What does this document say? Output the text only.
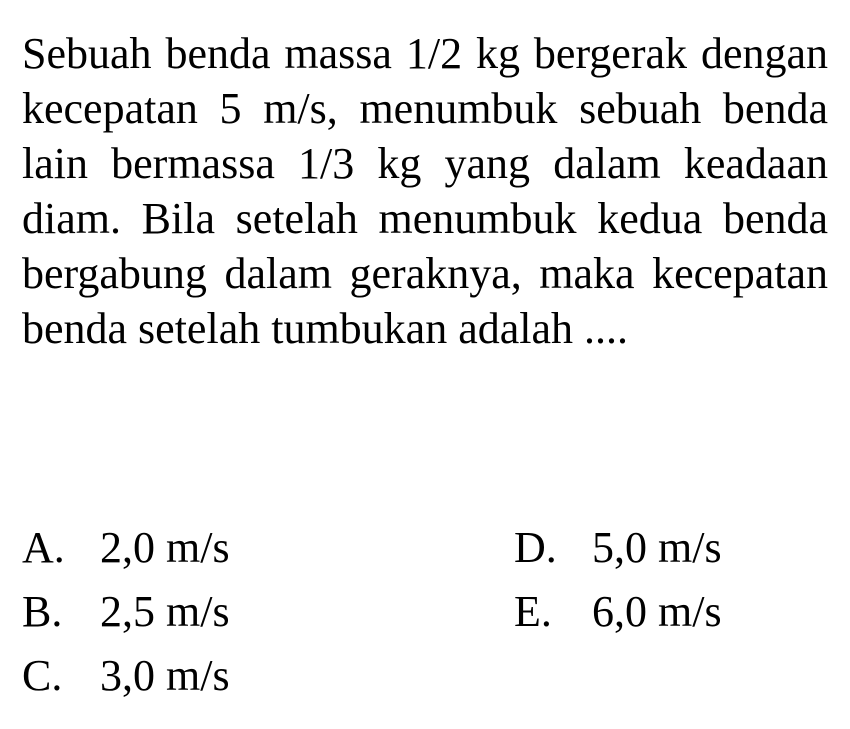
Sebuah benda massa 1/2 kg bergerak dengan kecepatan 5 m/s, menumbuk sebuah benda lain bermassa 1/3 kg yang dalam keadaan diam. Bila setelah menumbuk kedua benda bergabung dalam geraknya, maka kecepatan benda setelah tumbukan adalah ....

A. 2,0 m/s
B. 2,5 m/s
C. 3,0 m/s
D. 5,0 m/s
E. 6,0 m/s
